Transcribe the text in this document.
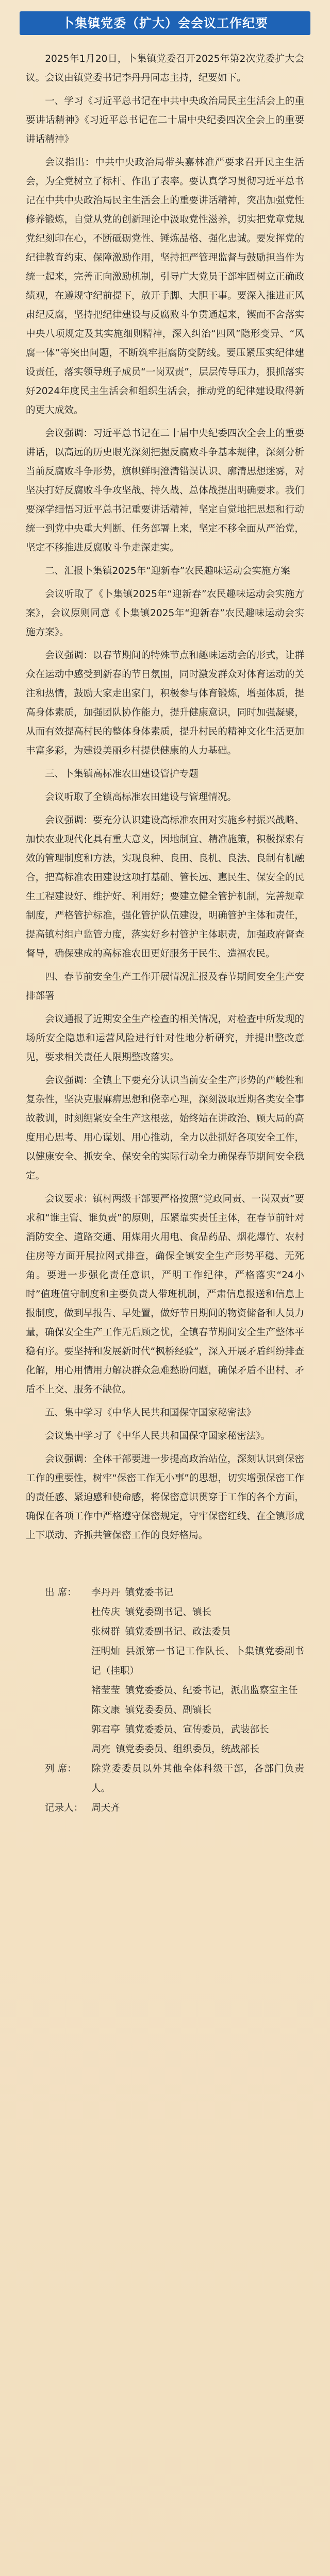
卜集镇党委（扩大）会会议工作纪要

2025年1月20日，卜集镇党委召开2025年第2次党委扩大会议。会议由镇党委书记李丹丹同志主持，纪要如下。

一、学习《习近平总书记在中共中央政治局民主生活会上的重要讲话精神》《习近平总书记在二十届中央纪委四次全会上的重要讲话精神》

会议指出：中共中央政治局带头嘉林准严要求召开民主生活会，为全党树立了标杆、作出了表率。要认真学习贯彻习近平总书记在中共中央政治局民主生活会上的重要讲话精神，突出加强党性修养锻炼，自觉从党的创新理论中汲取党性滋养，切实把党章党规党纪刻印在心，不断砥砺党性、锤炼品格、强化忠诚。要发挥党的纪律教育约束、保障激励作用，坚持把严管理监督与鼓励担当作为统一起来，完善正向激励机制，引导广大党员干部牢固树立正确政绩观，在遵规守纪前提下，放开手脚、大胆干事。要深入推进正风肃纪反腐，坚持把纪律建设与反腐败斗争贯通起来，锲而不舍落实中央八项规定及其实施细则精神，深入纠治“四风”隐形变异、“风腐一体”等突出问题，不断筑牢拒腐防变防线。要压紧压实纪律建设责任，落实领导班子成员“一岗双责”，层层传导压力，狠抓落实好2024年度民主生活会和组织生活会，推动党的纪律建设取得新的更大成效。

会议强调：习近平总书记在二十届中央纪委四次全会上的重要讲话，以高远的历史眼光深刻把握反腐败斗争基本规律，深刻分析当前反腐败斗争形势，旗帜鲜明澄清错误认识、廓清思想迷雾，对坚决打好反腐败斗争攻坚战、持久战、总体战提出明确要求。我们要深学细悟习近平总书记重要讲话精神，坚定自觉地把思想和行动统一到党中央重大判断、任务部署上来，坚定不移全面从严治党，坚定不移推进反腐败斗争走深走实。

二、汇报卜集镇2025年“迎新春”农民趣味运动会实施方案

会议听取了《卜集镇2025年“迎新春”农民趣味运动会实施方案》，会议原则同意《卜集镇2025年“迎新春”农民趣味运动会实施方案》。

会议强调：以春节期间的特殊节点和趣味运动会的形式，让群众在运动中感受到新春的节日氛围，同时激发群众对体育运动的关注和热情，鼓励大家走出家门，积极参与体育锻炼，增强体质，提高身体素质，加强团队协作能力，提升健康意识，同时加强凝聚，从而有效提高村民的整体身体素质，提升村民的精神文化生活更加丰富多彩，为建设美丽乡村提供健康的人力基础。

三、卜集镇高标准农田建设管护专题

会议听取了全镇高标准农田建设与管理情况。

会议强调：要充分认识建设高标准农田对实施乡村振兴战略、加快农业现代化具有重大意义，因地制宜、精准施策，积极探索有效的管理制度和方法，实现良种、良田、良机、良法、良制有机融合，把高标准农田建设这项打基础、管长远、惠民生、保安全的民生工程建设好、维护好、利用好；要建立健全管护机制，完善规章制度，严格管护标准，强化管护队伍建设，明确管护主体和责任，提高镇村组户监管力度，落实好乡村管护主体职责，加强政府督查督导，确保建成的高标准农田更好服务于民生、造福农民。

四、春节前安全生产工作开展情况汇报及春节期间安全生产安排部署

会议通报了近期安全生产检查的相关情况，对检查中所发现的场所安全隐患和运营风险进行针对性地分析研究，并提出整改意见，要求相关责任人限期整改落实。

会议强调：全镇上下要充分认识当前安全生产形势的严峻性和复杂性，坚决克服麻痹思想和侥幸心理，深刻汲取近期各类安全事故教训，时刻绷紧安全生产这根弦，始终站在讲政治、顾大局的高度用心思考、用心谋划、用心推动，全力以赴抓好各项安全工作，以健康安全、抓安全、保安全的实际行动全力确保春节期间安全稳定。

会议要求：镇村两级干部要严格按照“党政同责、一岗双责”要求和“谁主管、谁负责”的原则，压紧靠实责任主体，在春节前针对消防安全、道路交通、用煤用火用电、食品药品、烟花爆竹、农村住房等方面开展拉网式排查，确保全镇安全生产形势平稳、无死角。要进一步强化责任意识，严明工作纪律，严格落实“24小时”值班值守制度和主要负责人带班机制，严肃信息报送和信息上报制度，做到早报告、早处置，做好节日期间的物资储备和人员力量，确保安全生产工作无后顾之忧，全镇春节期间安全生产整体平稳有序。要坚持和发展新时代“枫桥经验”，深入开展矛盾纠纷排查化解，用心用情用力解决群众急难愁盼问题，确保矛盾不出村、矛盾不上交、服务不缺位。

五、集中学习《中华人民共和国保守国家秘密法》

会议集中学习了《中华人民共和国保守国家秘密法》。

会议强调：全体干部要进一步提高政治站位，深刻认识到保密工作的重要性，树牢“保密工作无小事”的思想，切实增强保密工作的责任感、紧迫感和使命感，将保密意识贯穿于工作的各个方面，确保在各项工作中严格遵守保密规定，守牢保密红线、在全镇形成上下联动、齐抓共管保密工作的良好格局。

出 席：	李丹丹 镇党委书记
杜传庆 镇党委副书记、镇长
张树群 镇党委副书记、政法委员
汪明灿 县派第一书记工作队长、卜集镇党委副书记（挂职）
褚莹莹 镇党委委员、纪委书记，派出监察室主任
陈文康 镇党委委员、副镇长
郭君亭 镇党委委员、宣传委员，武装部长
周亮 镇党委委员、组织委员，统战部长
列 席：	除党委委员以外其他全体科级干部，各部门负责人。
记录人： 周天齐
